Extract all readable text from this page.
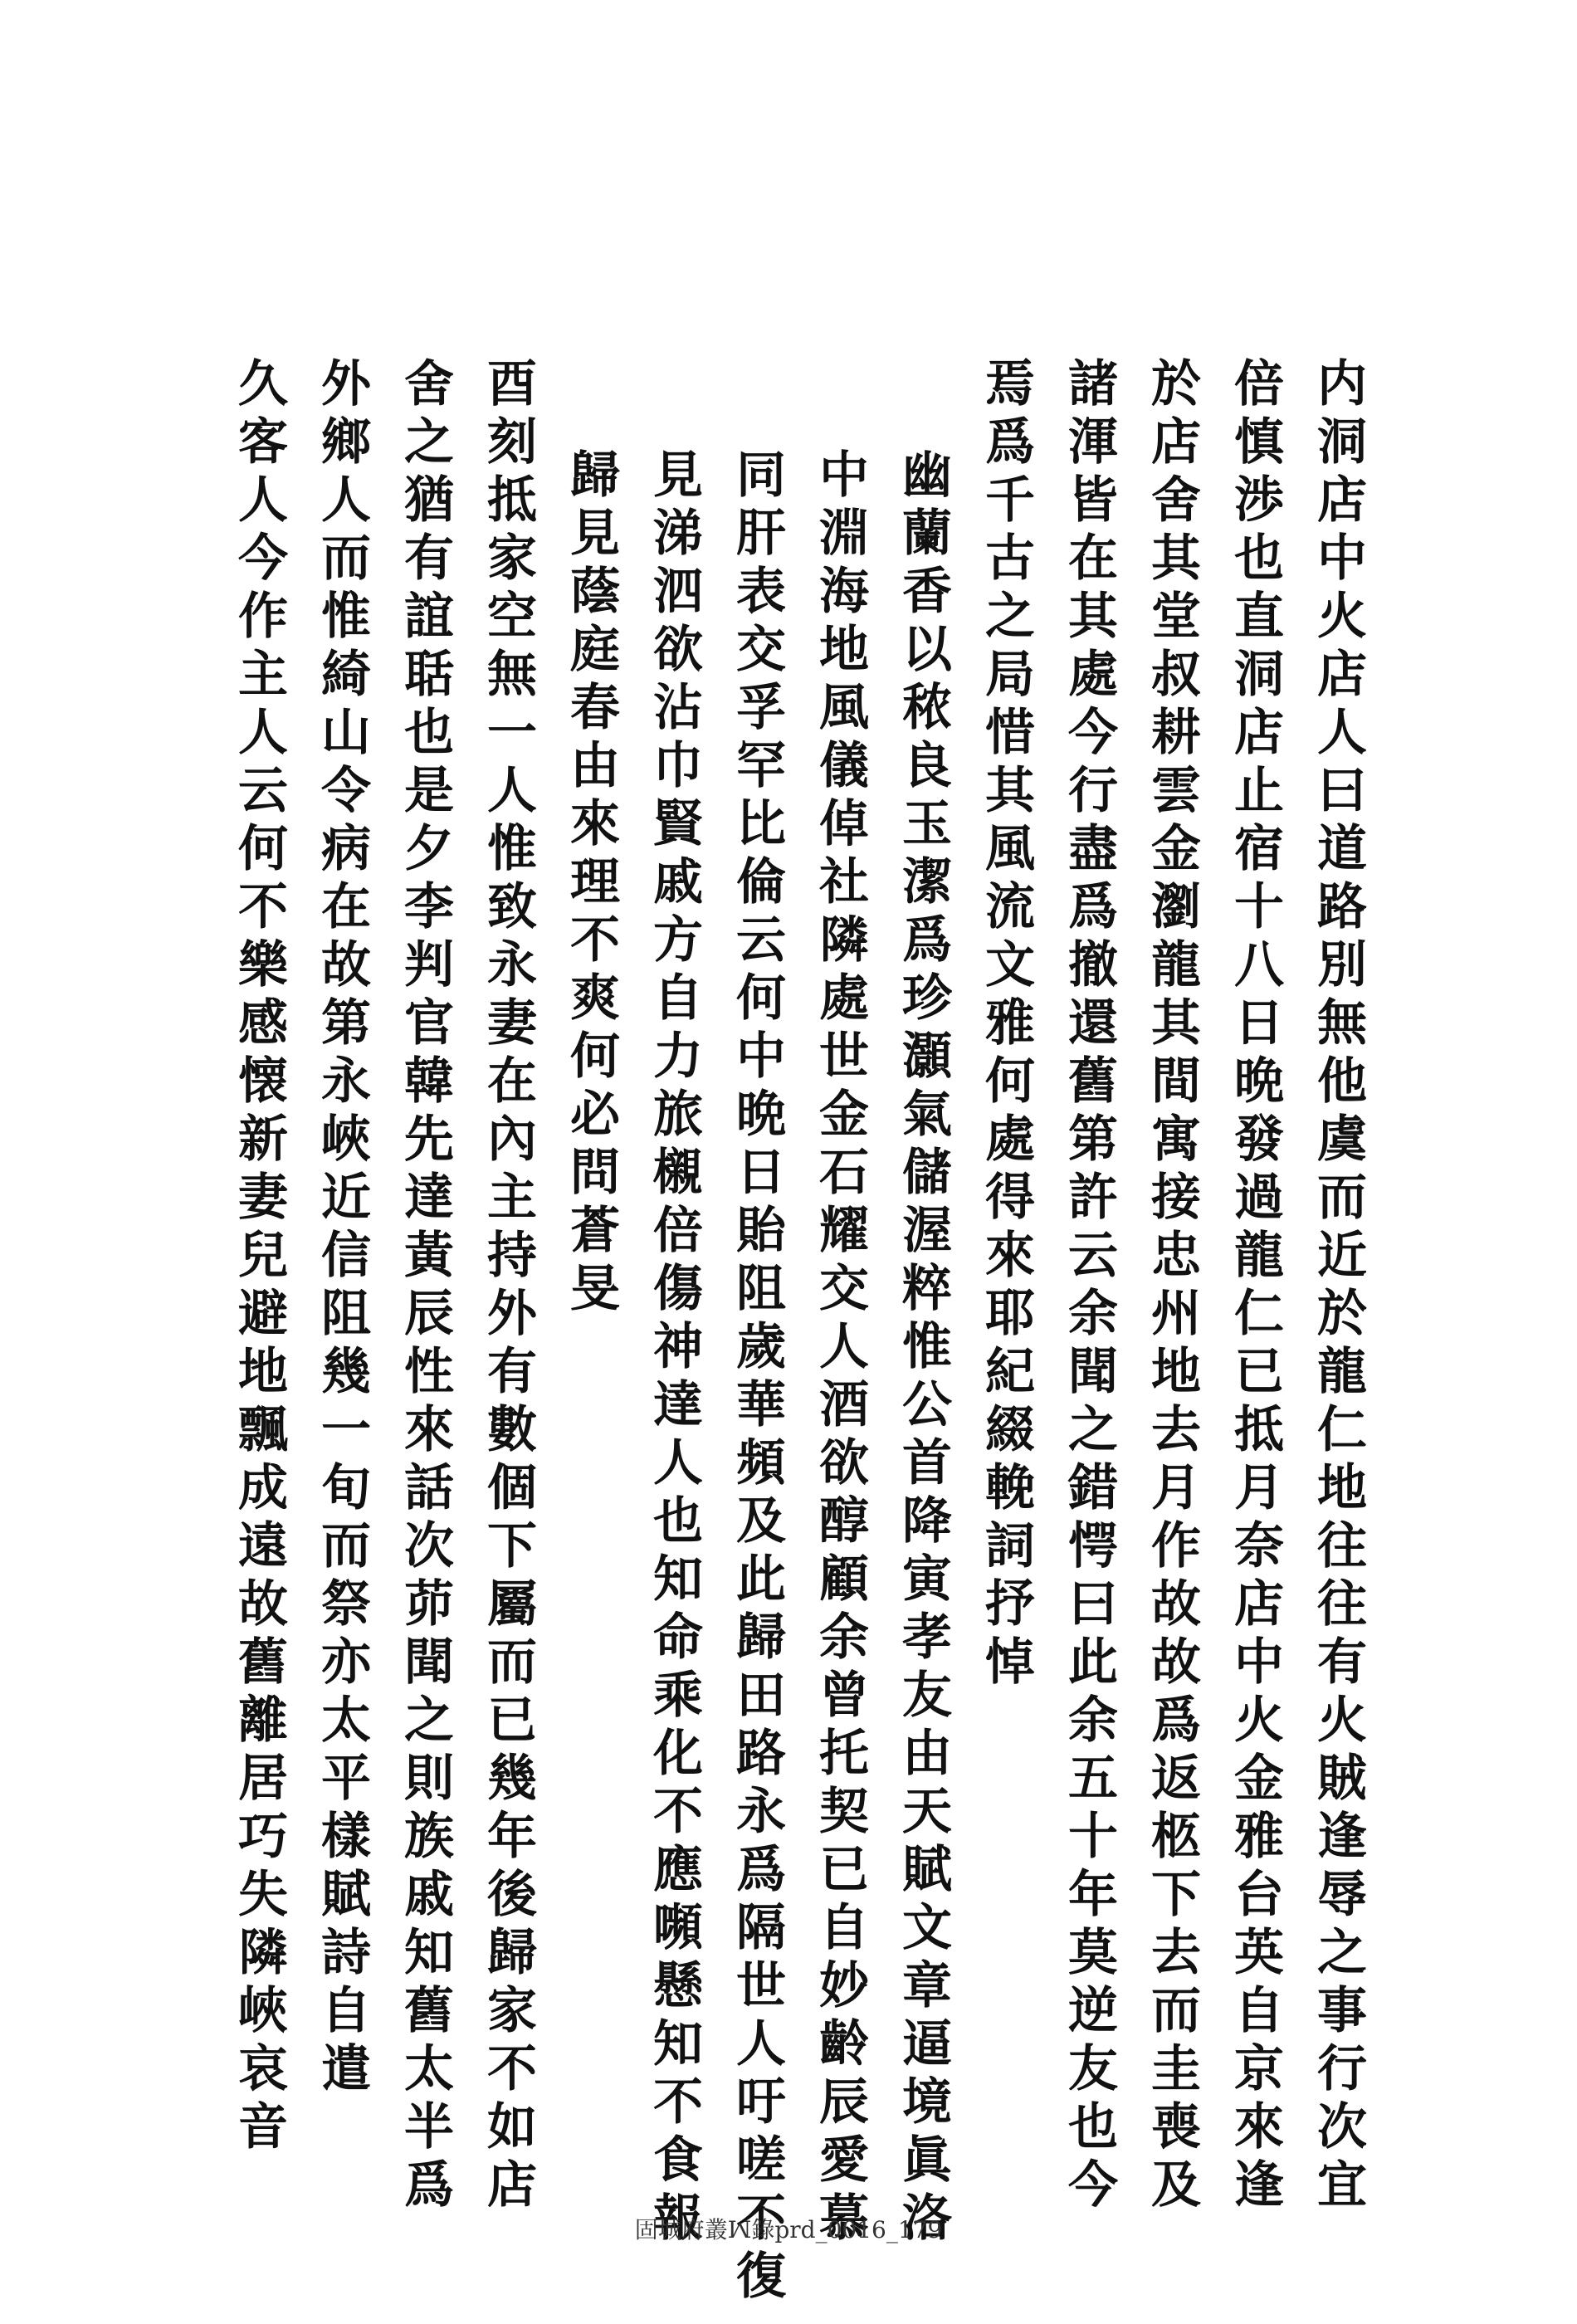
内洞店中火店人曰道路別無他虞而近於龍仁地往往有火賊逢辱之事行次宜
倍慎渉也直洞店止宿十八日晩發過龍仁已抵月奈店中火金雅台英自京來逢
於店舍其堂叔耕雲金瀏龍其間寓接忠州地去月作故故爲返柩下去而圭喪及
諸渾皆在其處今行盡爲撤還舊第許云余聞之錯愕曰此余五十年莫逆友也今
焉爲千古之局惜其風流文雅何處得來耶紀綴輓詞抒悼
幽蘭香以秾良玉潔爲珍灝氣儲渥粹惟公首降寅孝友由天賦文章逼境眞洛
中淵海地風儀倬社隣處世金石耀交人酒欲醇顧余曾托契已自妙齡辰愛慕
同肝表交孚罕比倫云何中晩日貽阻歲華頻及此歸田路永爲隔世人吁嗟不復
見涕泗欲沾巾賢戚方自力旅櫬倍傷神達人也知命乘化不應嚬懸知不食報
歸見蔭庭春由來理不爽何必問蒼旻
酉刻抵家空無一人惟致永妻在內主持外有數個下屬而已幾年後歸家不如店
舍之猶有誼聒也是夕李判官韓先達黃辰性來話次茆聞之則族戚知舊太半爲
外鄉人而惟綺山令病在故第永峽近信阻幾一旬而祭亦太平樣賦詩自遣
久客人今作主人云何不樂感懐新妻兒避地飄成遠故舊離居巧失隣峽哀音
固城府叢ꟽ錄prd_0016_179
